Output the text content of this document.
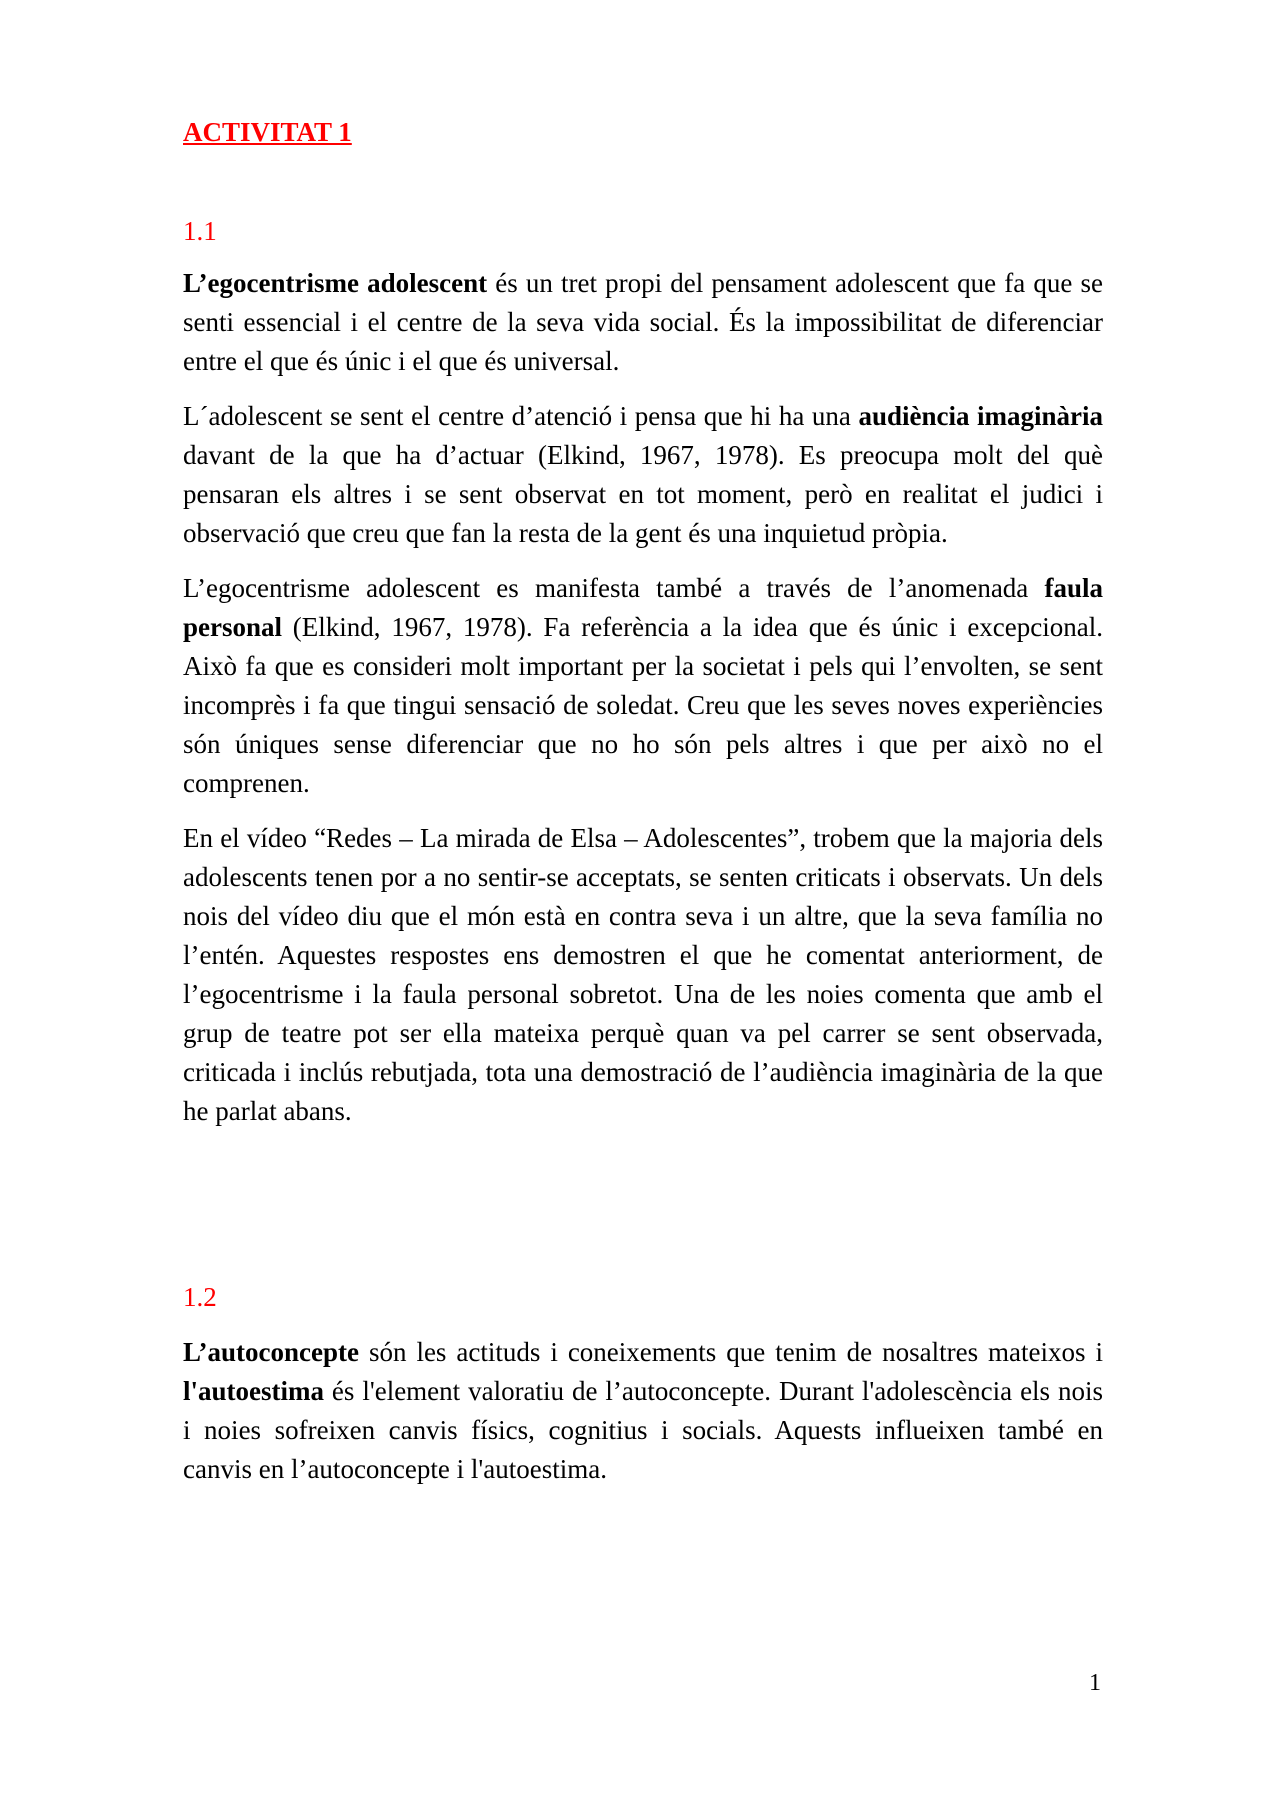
ACTIVITAT 1
1.1

L’egocentrisme adolescent és un tret propi del pensament adolescent que fa que se senti essencial i el centre de la seva vida social. És la impossibilitat de diferenciar entre el que és únic i el que és universal.

L´adolescent se sent el centre d’atenció i pensa que hi ha una audiència imaginària davant de la que ha d’actuar (Elkind, 1967, 1978). Es preocupa molt del què pensaran els altres i se sent observat en tot moment, però en realitat el judici i observació que creu que fan la resta de la gent és una inquietud pròpia.

L’egocentrisme adolescent es manifesta també a través de l’anomenada faula personal (Elkind, 1967, 1978). Fa referència a la idea que és únic i excepcional. Això fa que es consideri molt important per la societat i pels qui l’envolten, se sent incomprès i fa que tingui sensació de soledat. Creu que les seves noves experiències són úniques sense diferenciar que no ho són pels altres i que per això no el comprenen.

En el vídeo “Redes – La mirada de Elsa – Adolescentes”, trobem que la majoria dels adolescents tenen por a no sentir-se acceptats, se senten criticats i observats. Un dels nois del vídeo diu que el món està en contra seva i un altre, que la seva família no l’entén. Aquestes respostes ens demostren el que he comentat anteriorment, de l’egocentrisme i la faula personal sobretot. Una de les noies comenta que amb el grup de teatre pot ser ella mateixa perquè quan va pel carrer se sent observada, criticada i inclús rebutjada, tota una demostració de l’audiència imaginària de la que he parlat abans.

1.2

L’autoconcepte són les actituds i coneixements que tenim de nosaltres mateixos i l'autoestima és l'element valoratiu de l’autoconcepte. Durant l'adolescència els nois i noies sofreixen canvis físics, cognitius i socials. Aquests influeixen també en canvis en l’autoconcepte i l'autoestima.

1
